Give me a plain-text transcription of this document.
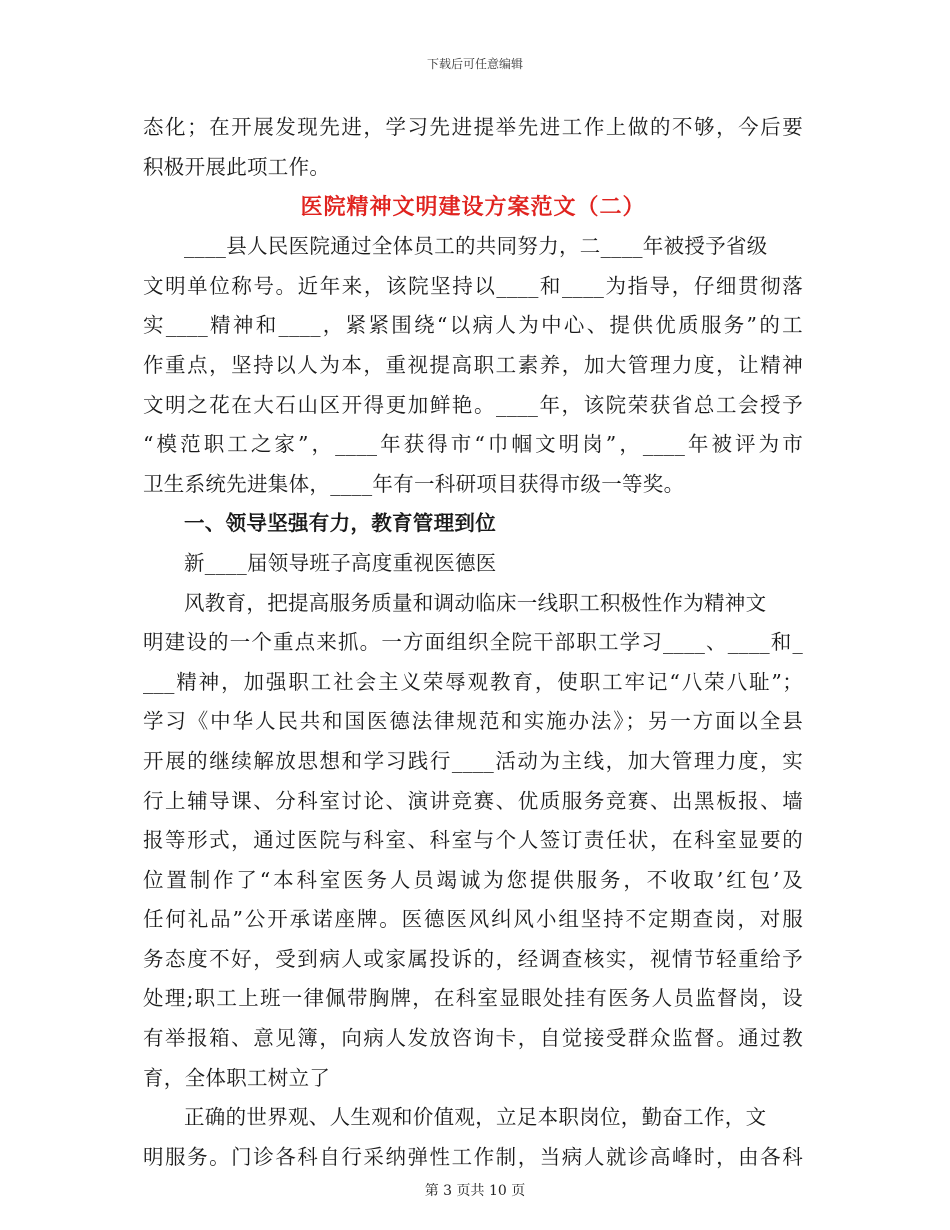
下载后可任意编辑
态化；在开展发现先进，学习先进提举先进工作上做的不够，今后要
积极开展此项工作。
医院精神文明建设方案范文（二）
____县人民医院通过全体员工的共同努力，二____年被授予省级
文明单位称号。近年来，该院坚持以____和____为指导，仔细贯彻落
实____精神和____，紧紧围绕“以病人为中心、提供优质服务”的工
作重点，坚持以人为本，重视提高职工素养，加大管理力度，让精神
文明之花在大石山区开得更加鲜艳。____年，该院荣获省总工会授予
“模范职工之家”，____年获得市“巾帼文明岗”，____年被评为市
卫生系统先进集体，____年有一科研项目获得市级一等奖。
一、领导坚强有力，教育管理到位
新____届领导班子高度重视医德医
风教育，把提高服务质量和调动临床一线职工积极性作为精神文
明建设的一个重点来抓。一方面组织全院干部职工学习____、____和_
___精神，加强职工社会主义荣辱观教育，使职工牢记“八荣八耻”；
学习《中华人民共和国医德法律规范和实施办法》；另一方面以全县
开展的继续解放思想和学习践行____活动为主线，加大管理力度，实
行上辅导课、分科室讨论、演讲竞赛、优质服务竞赛、出黑板报、墙
报等形式，通过医院与科室、科室与个人签订责任状，在科室显要的
位置制作了“本科室医务人员竭诚为您提供服务，不收取’红包’及
任何礼品”公开承诺座牌。医德医风纠风小组坚持不定期查岗，对服
务态度不好，受到病人或家属投诉的，经调查核实，视情节轻重给予
处理;职工上班一律佩带胸牌，在科室显眼处挂有医务人员监督岗，设
有举报箱、意见簿，向病人发放咨询卡，自觉接受群众监督。通过教
育，全体职工树立了
正确的世界观、人生观和价值观，立足本职岗位，勤奋工作，文
明服务。门诊各科自行采纳弹性工作制，当病人就诊高峰时，由各科
第 3 页共 10 页
